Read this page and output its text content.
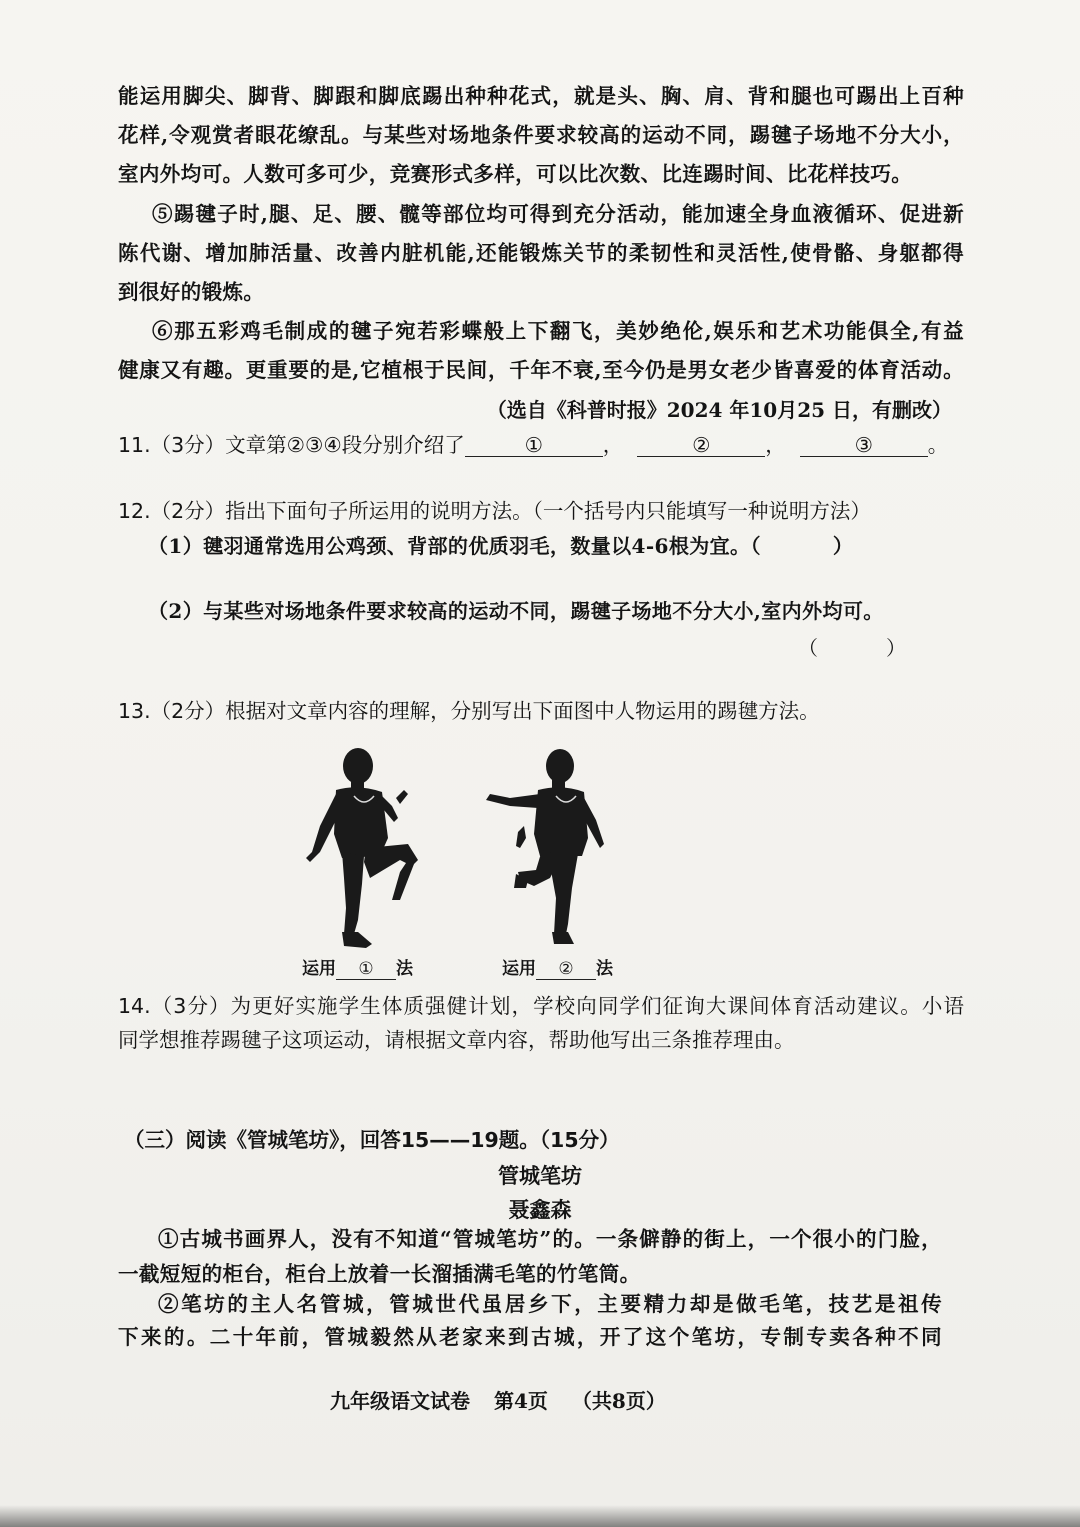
能运用脚尖、脚背、脚跟和脚底踢出种种花式，就是头、胸、肩、背和腿也可踢出上百种
花样,令观赏者眼花缭乱。与某些对场地条件要求较高的运动不同，踢毽子场地不分大小，
室内外均可。人数可多可少，竞赛形式多样，可以比次数、比连踢时间、比花样技巧。
⑤踢毽子时,腿、足、腰、髋等部位均可得到充分活动，能加速全身血液循环、促进新
陈代谢、增加肺活量、改善内脏机能,还能锻炼关节的柔韧性和灵活性,使骨骼、身躯都得
到很好的锻炼。
⑥那五彩鸡毛制成的毽子宛若彩蝶般上下翻飞，美妙绝伦,娱乐和艺术功能俱全,有益
健康又有趣。更重要的是,它植根于民间，千年不衰,至今仍是男女老少皆喜爱的体育活动。
（选自《科普时报》2024 年10月25 日，有删改）
11.（3分）文章第②③④段分别介绍了	①	，	②	，	③	。
12.（2分）指出下面句子所运用的说明方法。（一个括号内只能填写一种说明方法）
（1）毽羽通常选用公鸡颈、背部的优质羽毛，数量以4-6根为宜。（	）
（2）与某些对场地条件要求较高的运动不同，踢毽子场地不分大小,室内外均可。
（	）
13.（2分）根据对文章内容的理解，分别写出下面图中人物运用的踢毽方法。
运用 ① 法	运用 ② 法
14.（3分）为更好实施学生体质强健计划，学校向同学们征询大课间体育活动建议。小语
同学想推荐踢毽子这项运动，请根据文章内容，帮助他写出三条推荐理由。
（三）阅读《管城笔坊》，回答15——19题。（15分）
管城笔坊
聂鑫森
①古城书画界人，没有不知道“管城笔坊”的。一条僻静的街上，一个很小的门脸，
一截短短的柜台，柜台上放着一长溜插满毛笔的竹笔筒。
②笔坊的主人名管城，管城世代虽居乡下，主要精力却是做毛笔，技艺是祖传
下来的。二十年前，管城毅然从老家来到古城，开了这个笔坊，专制专卖各种不同
九年级语文试卷 第4页 （共8页）
